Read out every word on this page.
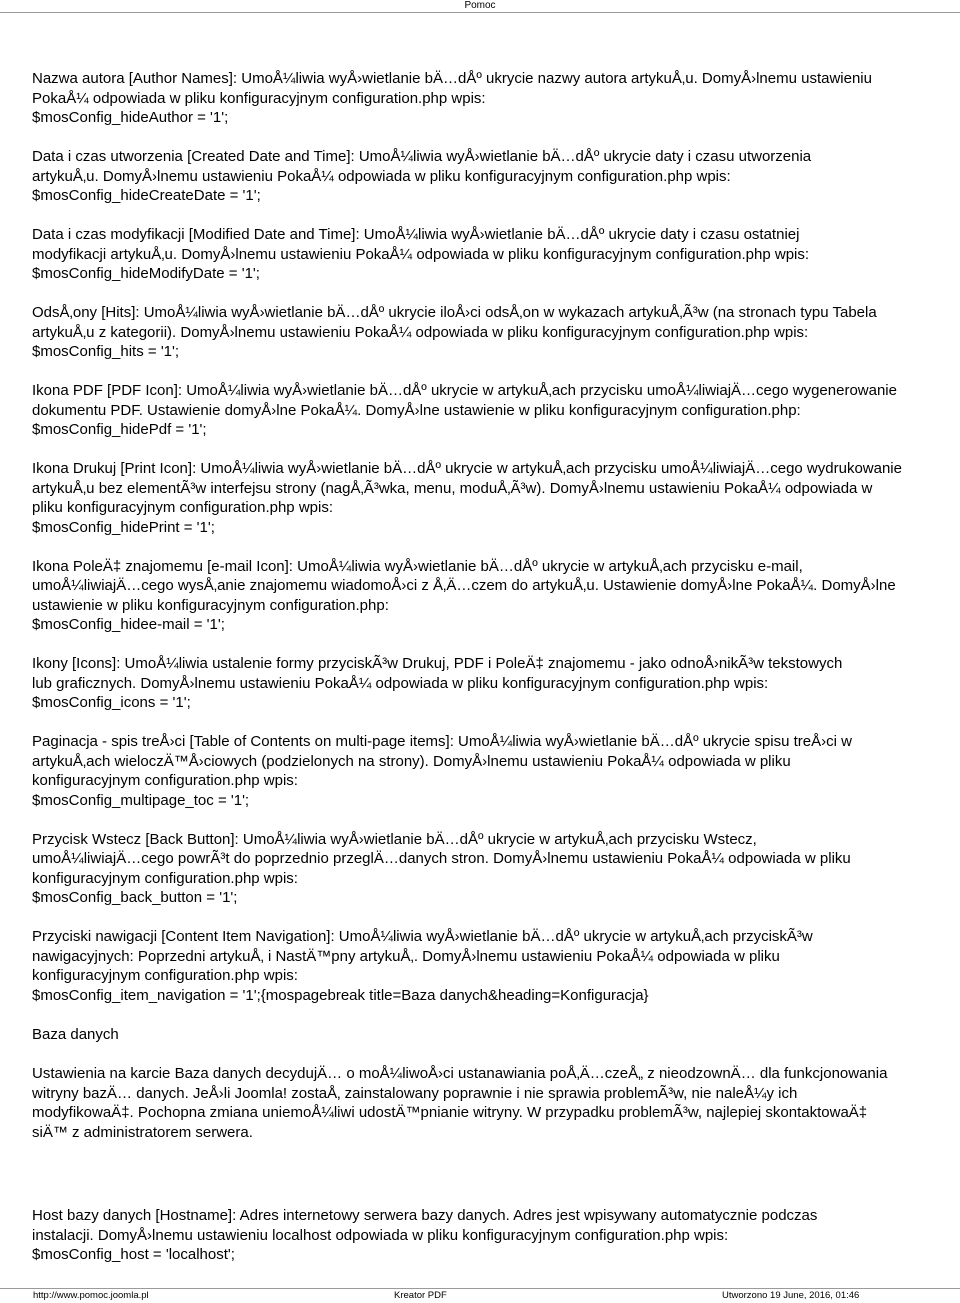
Pomoc
Nazwa autora [Author Names]: UmoÅ¼liwia wyÅ›wietlanie bÄ…dÅº ukrycie nazwy autora artykuÅ‚u. DomyÅ›lnemu ustawieniu
PokaÅ¼ odpowiada w pliku konfiguracyjnym configuration.php wpis:
$mosConfig_hideAuthor = '1';
Data i czas utworzenia [Created Date and Time]: UmoÅ¼liwia wyÅ›wietlanie bÄ…dÅº ukrycie daty i czasu utworzenia
artykuÅ‚u. DomyÅ›lnemu ustawieniu PokaÅ¼ odpowiada w pliku konfiguracyjnym configuration.php wpis:
$mosConfig_hideCreateDate = '1';
Data i czas modyfikacji [Modified Date and Time]: UmoÅ¼liwia wyÅ›wietlanie bÄ…dÅº ukrycie daty i czasu ostatniej
modyfikacji artykuÅ‚u. DomyÅ›lnemu ustawieniu PokaÅ¼ odpowiada w pliku konfiguracyjnym configuration.php wpis:
$mosConfig_hideModifyDate = '1';
OdsÅ‚ony [Hits]: UmoÅ¼liwia wyÅ›wietlanie bÄ…dÅº ukrycie iloÅ›ci odsÅ‚on w wykazach artykuÅ‚Ã³w (na stronach typu Tabela
artykuÅ‚u z kategorii). DomyÅ›lnemu ustawieniu PokaÅ¼ odpowiada w pliku konfiguracyjnym configuration.php wpis:
$mosConfig_hits = '1';
Ikona PDF [PDF Icon]: UmoÅ¼liwia wyÅ›wietlanie bÄ…dÅº ukrycie w artykuÅ‚ach przycisku umoÅ¼liwiajÄ…cego wygenerowanie
dokumentu PDF. Ustawienie domyÅ›lne PokaÅ¼. DomyÅ›lne ustawienie w pliku konfiguracyjnym configuration.php:
$mosConfig_hidePdf = '1';
Ikona Drukuj [Print Icon]: UmoÅ¼liwia wyÅ›wietlanie bÄ…dÅº ukrycie w artykuÅ‚ach przycisku umoÅ¼liwiajÄ…cego wydrukowanie
artykuÅ‚u bez elementÃ³w interfejsu strony (nagÅ‚Ã³wka, menu, moduÅ‚Ã³w). DomyÅ›lnemu ustawieniu PokaÅ¼ odpowiada w
pliku konfiguracyjnym configuration.php wpis:
$mosConfig_hidePrint = '1';
Ikona PoleÄ‡ znajomemu [e-mail Icon]: UmoÅ¼liwia wyÅ›wietlanie bÄ…dÅº ukrycie w artykuÅ‚ach przycisku e-mail,
umoÅ¼liwiajÄ…cego wysÅ‚anie znajomemu wiadomoÅ›ci z Å‚Ä…czem do artykuÅ‚u. Ustawienie domyÅ›lne PokaÅ¼. DomyÅ›lne
ustawienie w pliku konfiguracyjnym configuration.php:
$mosConfig_hidee-mail = '1';
Ikony [Icons]: UmoÅ¼liwia ustalenie formy przyciskÃ³w Drukuj, PDF i PoleÄ‡ znajomemu - jako odnoÅ›nikÃ³w tekstowych
lub graficznych. DomyÅ›lnemu ustawieniu PokaÅ¼ odpowiada w pliku konfiguracyjnym configuration.php wpis:
$mosConfig_icons = '1';
Paginacja - spis treÅ›ci [Table of Contents on multi-page items]: UmoÅ¼liwia wyÅ›wietlanie bÄ…dÅº ukrycie spisu treÅ›ci w
artykuÅ‚ach wieloczÄ™Å›ciowych (podzielonych na strony). DomyÅ›lnemu ustawieniu PokaÅ¼ odpowiada w pliku
konfiguracyjnym configuration.php wpis:
$mosConfig_multipage_toc = '1';
Przycisk Wstecz [Back Button]: UmoÅ¼liwia wyÅ›wietlanie bÄ…dÅº ukrycie w artykuÅ‚ach przycisku Wstecz,
umoÅ¼liwiajÄ…cego powrÃ³t do poprzednio przeglÄ…danych stron. DomyÅ›lnemu ustawieniu PokaÅ¼ odpowiada w pliku
konfiguracyjnym configuration.php wpis:
$mosConfig_back_button = '1';
Przyciski nawigacji [Content Item Navigation]: UmoÅ¼liwia wyÅ›wietlanie bÄ…dÅº ukrycie w artykuÅ‚ach przyciskÃ³w
nawigacyjnych: Poprzedni artykuÅ‚ i NastÄ™pny artykuÅ‚. DomyÅ›lnemu ustawieniu PokaÅ¼ odpowiada w pliku
konfiguracyjnym configuration.php wpis:
$mosConfig_item_navigation = '1';{mospagebreak title=Baza danych&heading=Konfiguracja}
Baza danych
Ustawienia na karcie Baza danych decydujÄ… o moÅ¼liwoÅ›ci ustanawiania poÅ‚Ä…czeÅ„ z nieodzownÄ… dla funkcjonowania
witryny bazÄ… danych. JeÅ›li Joomla! zostaÅ‚ zainstalowany poprawnie i nie sprawia problemÃ³w, nie naleÅ¼y ich
modyfikowaÄ‡. Pochopna zmiana uniemoÅ¼liwi udostÄ™pnianie witryny. W przypadku problemÃ³w, najlepiej skontaktowaÄ‡
siÄ™ z administratorem serwera.
Host bazy danych [Hostname]: Adres internetowy serwera bazy danych. Adres jest wpisywany automatycznie podczas
instalacji. DomyÅ›lnemu ustawieniu localhost odpowiada w pliku konfiguracyjnym configuration.php wpis:
$mosConfig_host = 'localhost';
http://www.pomoc.joomla.pl	Kreator PDF	Utworzono 19 June, 2016, 01:46
